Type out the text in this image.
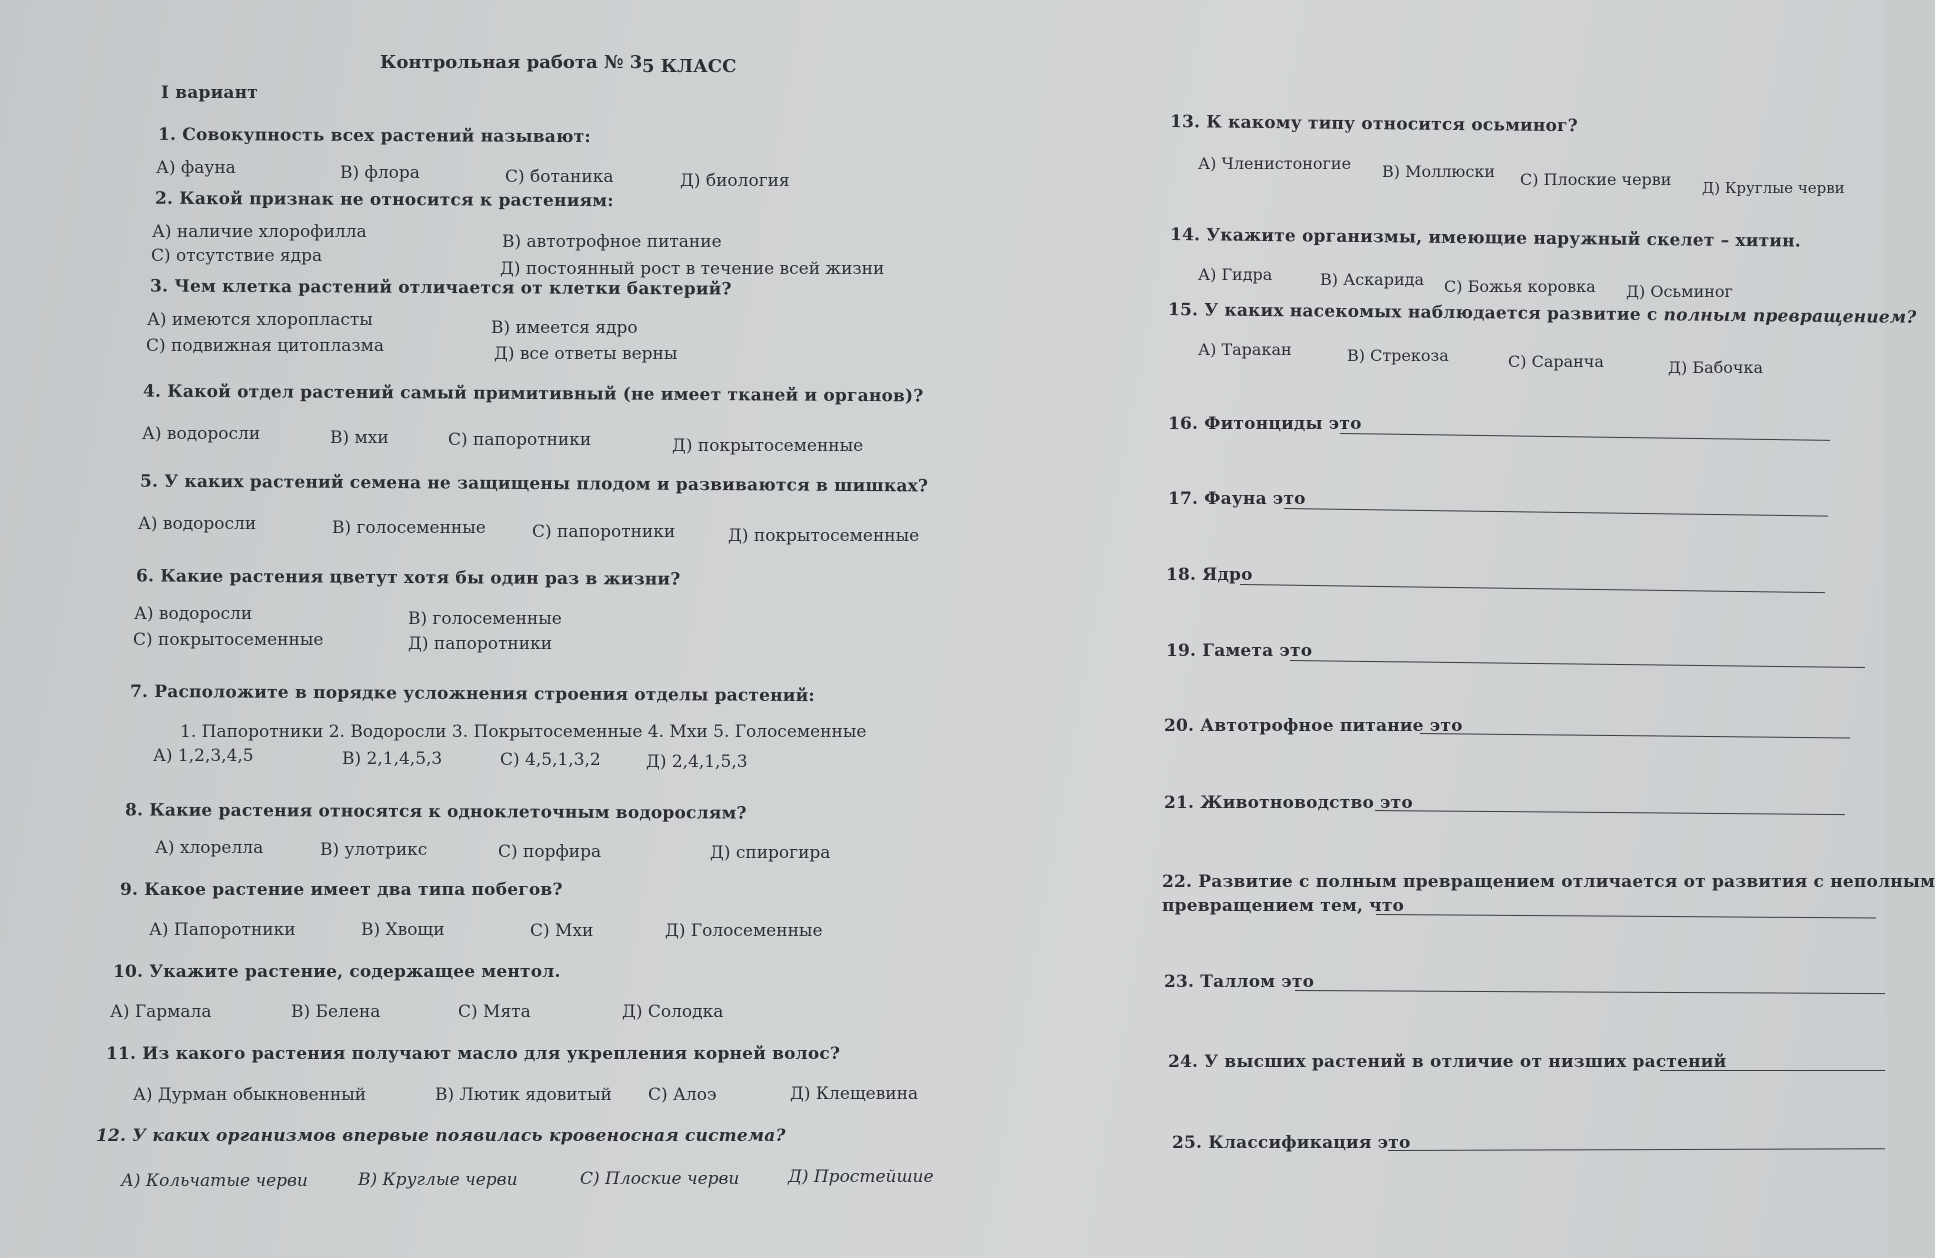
Контрольная работа № 3 5 КЛАСС
I вариант
1. Совокупность всех растений называют:
А) фауна	В) флора	С) ботаника	Д) биология
2. Какой признак не относится к растениям:
А) наличие хлорофилла	В) автотрофное питание
С) отсутствие ядра
Д) постоянный рост в течение всей жизни
3. Чем клетка растений отличается от клетки бактерий?
А) имеются хлоропласты	В) имеется ядро
С) подвижная цитоплазма	Д) все ответы верны
4. Какой отдел растений самый примитивный (не имеет тканей и органов)?
А) водоросли	В) мхи	С) папоротники	Д) покрытосеменные
5. У каких растений семена не защищены плодом и развиваются в шишках?
А) водоросли	В) голосеменные	С) папоротники	Д) покрытосеменные
6. Какие растения цветут хотя бы один раз в жизни?
А) водоросли	В) голосеменные
С) покрытосеменные	Д) папоротники
7. Расположите в порядке усложнения строения отделы растений:
1. Папоротники 2. Водоросли 3. Покрытосеменные 4. Мхи 5. Голосеменные
А) 1,2,3,4,5	В) 2,1,4,5,3	С) 4,5,1,3,2	Д) 2,4,1,5,3
8. Какие растения относятся к одноклеточным водорослям?
А) хлорелла	В) улотрикс	С) порфира	Д) спирогира
9. Какое растение имеет два типа побегов?
А) Папоротники	В) Хвощи	С) Мхи	Д) Голосеменные
10. Укажите растение, содержащее ментол.
А) Гармала	В) Белена	С) Мята	Д) Солодка
11. Из какого растения получают масло для укрепления корней волос?
А) Дурман обыкновенный	В) Лютик ядовитый С) Алоэ	Д) Клещевина
12. У каких организмов впервые появилась кровеносная система?
А) Кольчатые черви	В) Круглые черви	С) Плоские черви	Д) Простейшие
13. К какому типу относится осьминог?
А) Членистоногие В) Моллюски С) Плоские черви Д) Круглые черви
14. Укажите организмы, имеющие наружный скелет – хитин.
А) Гидра	В) Аскарида С) Божья коровка Д) Осьминог
15. У каких насекомых наблюдается развитие с полным превращением?
А) Таракан	В) Стрекоза	С) Саранча	Д) Бабочка
16. Фитонциды это
17. Фауна это
18. Ядро
19. Гамета это
20. Автотрофное питание это
21. Животноводство это
22. Развитие с полным превращением отличается от развития с неполным
превращением тем, что
23. Таллом это
24. У высших растений в отличие от низших растений
25. Классификация это
